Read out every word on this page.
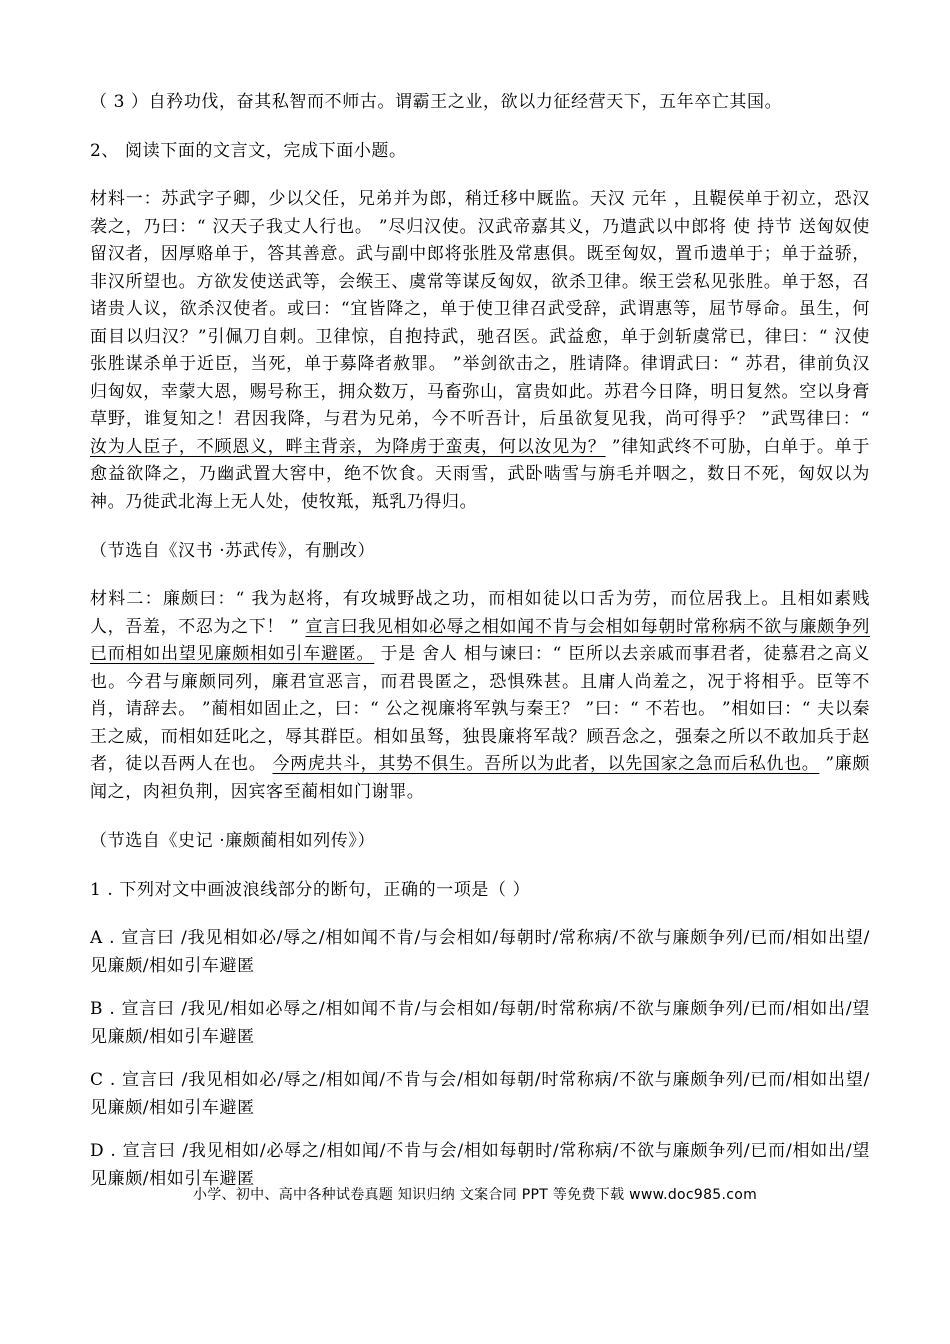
（ 3 ）自矜功伐，奋其私智而不师古。谓霸王之业，欲以力征经营天下，五年卒亡其国。

2、 阅读下面的文言文，完成下面小题。

材料一：苏武字子卿，少以父任，兄弟并为郎，稍迁移中厩监。天汉 元年 ，且鞮侯单于初立，恐汉袭之，乃曰：“ 汉天子我丈人行也。 ”尽归汉使。汉武帝嘉其义，乃遣武以中郎将 使 持节 送匈奴使留汉者，因厚赂单于，答其善意。武与副中郎将张胜及常惠俱。既至匈奴，置币遗单于；单于益骄，非汉所望也。方欲发使送武等，会缑王、虞常等谋反匈奴，欲杀卫律。缑王尝私见张胜。单于怒，召诸贵人议，欲杀汉使者。或曰：“宜皆降之，单于使卫律召武受辞，武谓惠等，屈节辱命。虽生，何面目以归汉？”引佩刀自刺。卫律惊，自抱持武，驰召医。武益愈，单于剑斩虞常已，律曰：“ 汉使张胜谋杀单于近臣，当死，单于募降者赦罪。 ”举剑欲击之，胜请降。律谓武曰：“ 苏君，律前负汉归匈奴，幸蒙大恩，赐号称王，拥众数万，马畜弥山，富贵如此。苏君今日降，明日复然。空以身膏草野，谁复知之！君因我降，与君为兄弟，今不听吾计，后虽欲复见我，尚可得乎？ ”武骂律曰：“ 汝为人臣子，不顾恩义，畔主背亲，为降虏于蛮夷，何以汝见为？ ”律知武终不可胁，白单于。单于愈益欲降之，乃幽武置大窖中，绝不饮食。天雨雪，武卧啮雪与旃毛并咽之，数日不死，匈奴以为神。乃徙武北海上无人处，使牧羝，羝乳乃得归。

（节选自《汉书 ·苏武传》，有删改）

材料二：廉颇曰：“ 我为赵将，有攻城野战之功，而相如徒以口舌为劳，而位居我上。且相如素贱人，吾羞，不忍为之下！ ” 宣言曰我见相如必辱之相如闻不肯与会相如每朝时常称病不欲与廉颇争列已而相如出望见廉颇相如引车避匿。 于是 舍人 相与谏曰：“ 臣所以去亲戚而事君者，徒慕君之高义也。今君与廉颇同列，廉君宣恶言，而君畏匿之，恐惧殊甚。且庸人尚羞之，况于将相乎。臣等不肖，请辞去。 ”蔺相如固止之，曰：“ 公之视廉将军孰与秦王？ ”曰：“ 不若也。 ”相如曰：“ 夫以秦王之威，而相如廷叱之，辱其群臣。相如虽驽，独畏廉将军哉？顾吾念之，强秦之所以不敢加兵于赵者，徒以吾两人在也。 今两虎共斗，其势不俱生。吾所以为此者，以先国家之急而后私仇也。 ”廉颇闻之，肉袒负荆，因宾客至蔺相如门谢罪。

（节选自《史记 ·廉颇蔺相如列传》）

1 . 下列对文中画波浪线部分的断句，正确的一项是（ ）

A . 宣言曰 /我见相如必/辱之/相如闻不肯/与会相如/每朝时/常称病/不欲与廉颇争列/已而/相如出望/见廉颇/相如引车避匿

B . 宣言曰 /我见/相如必辱之/相如闻不肯/与会相如/每朝/时常称病/不欲与廉颇争列/已而/相如出/望见廉颇/相如引车避匿

C . 宣言曰 /我见相如必/辱之/相如闻/不肯与会/相如每朝/时常称病/不欲与廉颇争列/已而/相如出望/见廉颇/相如引车避匿

D . 宣言曰 /我见相如/必辱之/相如闻/不肯与会/相如每朝时/常称病/不欲与廉颇争列/已而/相如出/望见廉颇/相如引车避匿

小学、初中、高中各种试卷真题 知识归纳 文案合同 PPT 等免费下载 www.doc985.com
